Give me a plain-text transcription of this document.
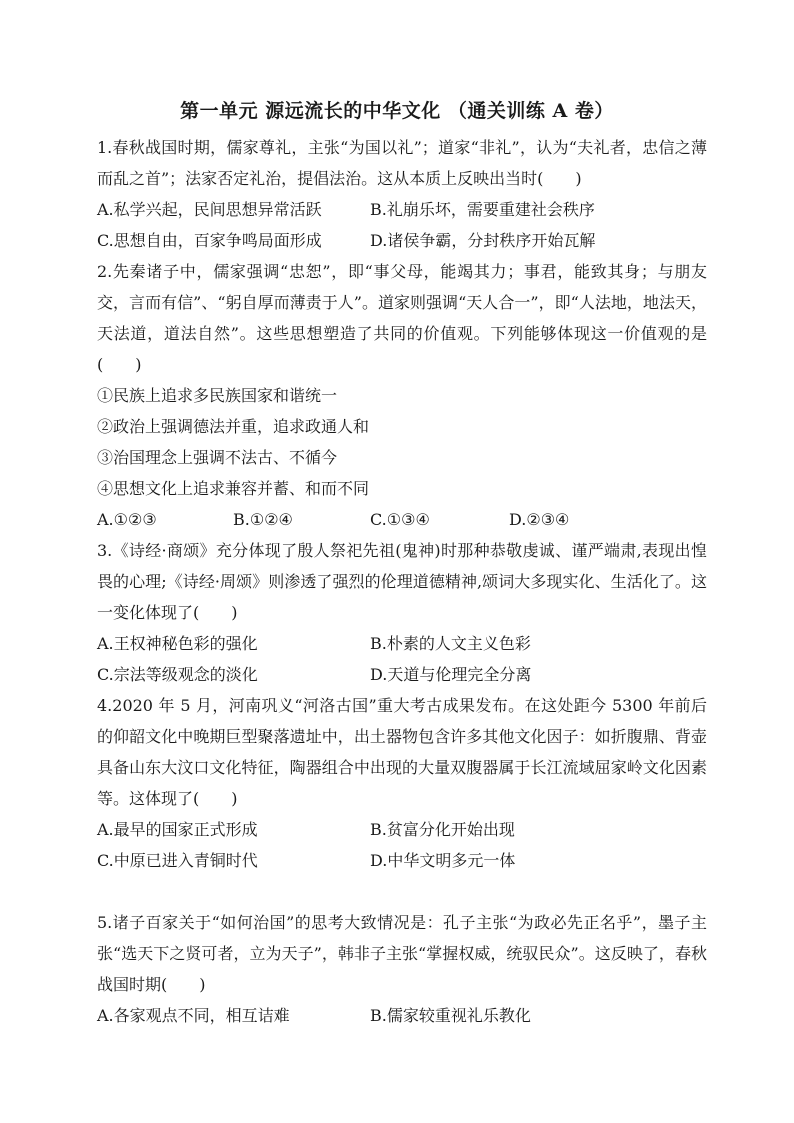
第一单元 源远流长的中华文化 （通关训练 A 卷）
1.春秋战国时期，儒家尊礼，主张“为国以礼”；道家“非礼”，认为“夫礼者，忠信之薄而乱之首”；法家否定礼治，提倡法治。这从本质上反映出当时(　　)
A.私学兴起，民间思想异常活跃	B.礼崩乐坏，需要重建社会秩序
C.思想自由，百家争鸣局面形成	D.诸侯争霸，分封秩序开始瓦解
2.先秦诸子中，儒家强调“忠恕”，即“事父母，能竭其力；事君，能致其身；与朋友交，言而有信”、“躬自厚而薄责于人”。道家则强调“天人合一”，即“人法地，地法天，天法道，道法自然”。这些思想塑造了共同的价值观。下列能够体现这一价值观的是(　　)
①民族上追求多民族国家和谐统一
②政治上强调德法并重，追求政通人和
③治国理念上强调不法古、不循今
④思想文化上追求兼容并蓄、和而不同
A.①②③	B.①②④	C.①③④	D.②③④
3.《诗经·商颂》充分体现了殷人祭祀先祖(鬼神)时那种恭敬虔诚、谨严端肃,表现出惶畏的心理;《诗经·周颂》则渗透了强烈的伦理道德精神,颂词大多现实化、生活化了。这一变化体现了(　　)
A.王权神秘色彩的强化	B.朴素的人文主义色彩
C.宗法等级观念的淡化	D.天道与伦理完全分离
4.2020 年 5 月，河南巩义“河洛古国”重大考古成果发布。在这处距今 5300 年前后的仰韶文化中晚期巨型聚落遗址中，出土器物包含许多其他文化因子：如折腹鼎、背壶具备山东大汶口文化特征，陶器组合中出现的大量双腹器属于长江流域屈家岭文化因素等。这体现了(　　)
A.最早的国家正式形成	B.贫富分化开始出现
C.中原已进入青铜时代	D.中华文明多元一体
5.诸子百家关于“如何治国”的思考大致情况是：孔子主张“为政必先正名乎”，墨子主张“选天下之贤可者，立为天子”，韩非子主张“掌握权威，统驭民众”。这反映了，春秋战国时期(　　)
A.各家观点不同，相互诘难	B.儒家较重视礼乐教化
